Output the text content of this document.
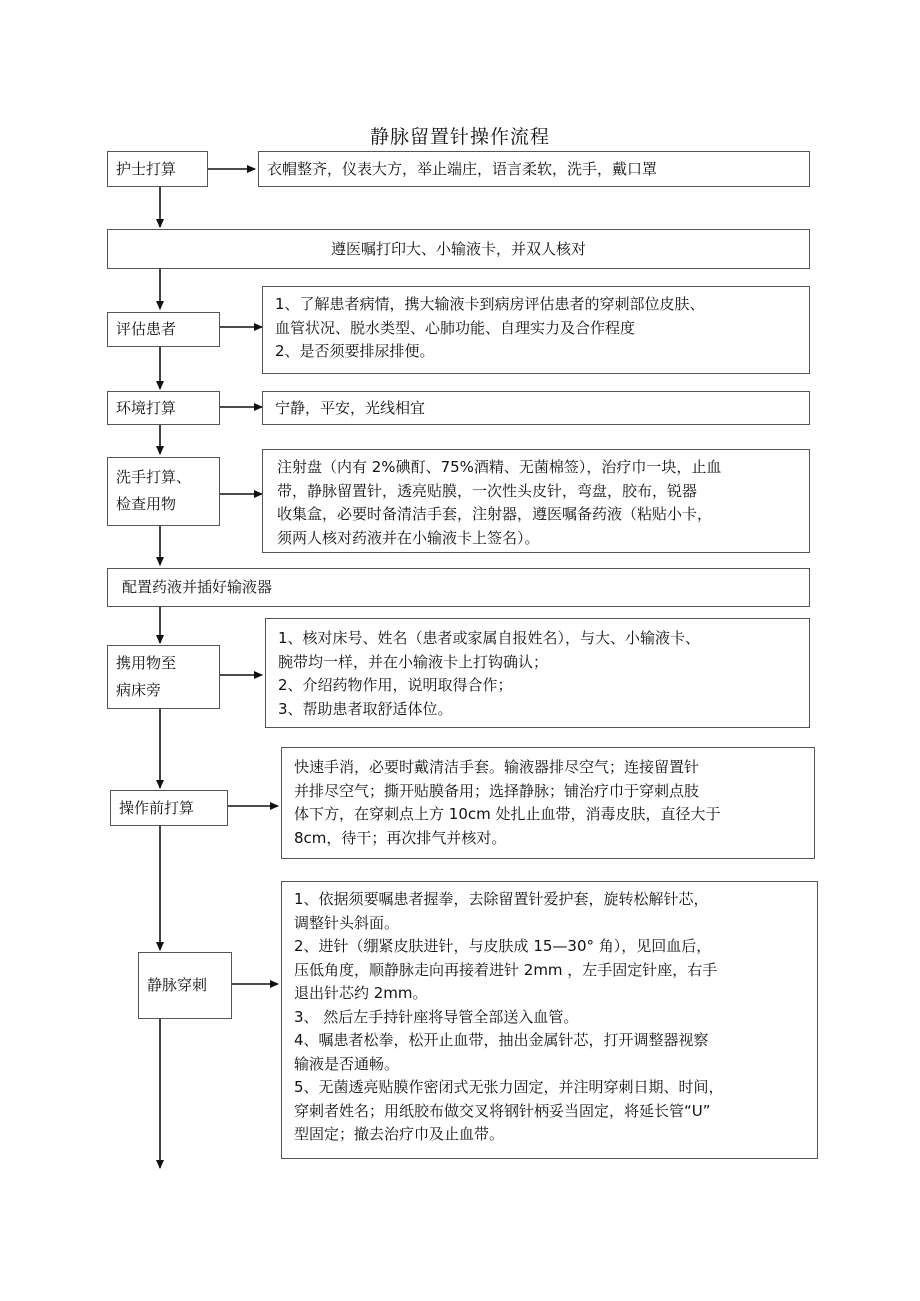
静脉留置针操作流程
护士打算	衣帽整齐，仪表大方，举止端庄，语言柔软，洗手，戴口罩
遵医嘱打印大、小输液卡，并双人核对
评估患者
1、了解患者病情，携大输液卡到病房评估患者的穿刺部位皮肤、
血管状况、脱水类型、心肺功能、自理实力及合作程度
2、是否须要排尿排便。
环境打算	宁静，平安，光线相宜
洗手打算、
检查用物
注射盘（内有 2%碘酊、75%酒精、无菌棉签），治疗巾一块，止血
带，静脉留置针，透亮贴膜，一次性头皮针，弯盘，胶布，锐器
收集盒，必要时备清洁手套，注射器，遵医嘱备药液（粘贴小卡，
须两人核对药液并在小输液卡上签名）。
配置药液并插好输液器
携用物至
病床旁
1、核对床号、姓名（患者或家属自报姓名），与大、小输液卡、
腕带均一样，并在小输液卡上打钩确认；
2、介绍药物作用，说明取得合作；
3、帮助患者取舒适体位。
操作前打算
快速手消，必要时戴清洁手套。输液器排尽空气；连接留置针
并排尽空气；撕开贴膜备用；选择静脉；铺治疗巾于穿刺点肢
体下方，在穿刺点上方 10cm 处扎止血带，消毒皮肤，直径大于
8cm，待干；再次排气并核对。
静脉穿刺
1、依据须要嘱患者握拳，去除留置针爱护套，旋转松解针芯，
调整针头斜面。
2、进针（绷紧皮肤进针，与皮肤成 15—30° 角），见回血后，
压低角度，顺静脉走向再接着进针 2mm ，左手固定针座，右手
退出针芯约 2mm。
3、 然后左手持针座将导管全部送入血管。
4、嘱患者松拳，松开止血带，抽出金属针芯，打开调整器视察
输液是否通畅。
5、无菌透亮贴膜作密闭式无张力固定，并注明穿刺日期、时间，
穿刺者姓名；用纸胶布做交叉将钢针柄妥当固定，将延长管“U”
型固定；撤去治疗巾及止血带。
